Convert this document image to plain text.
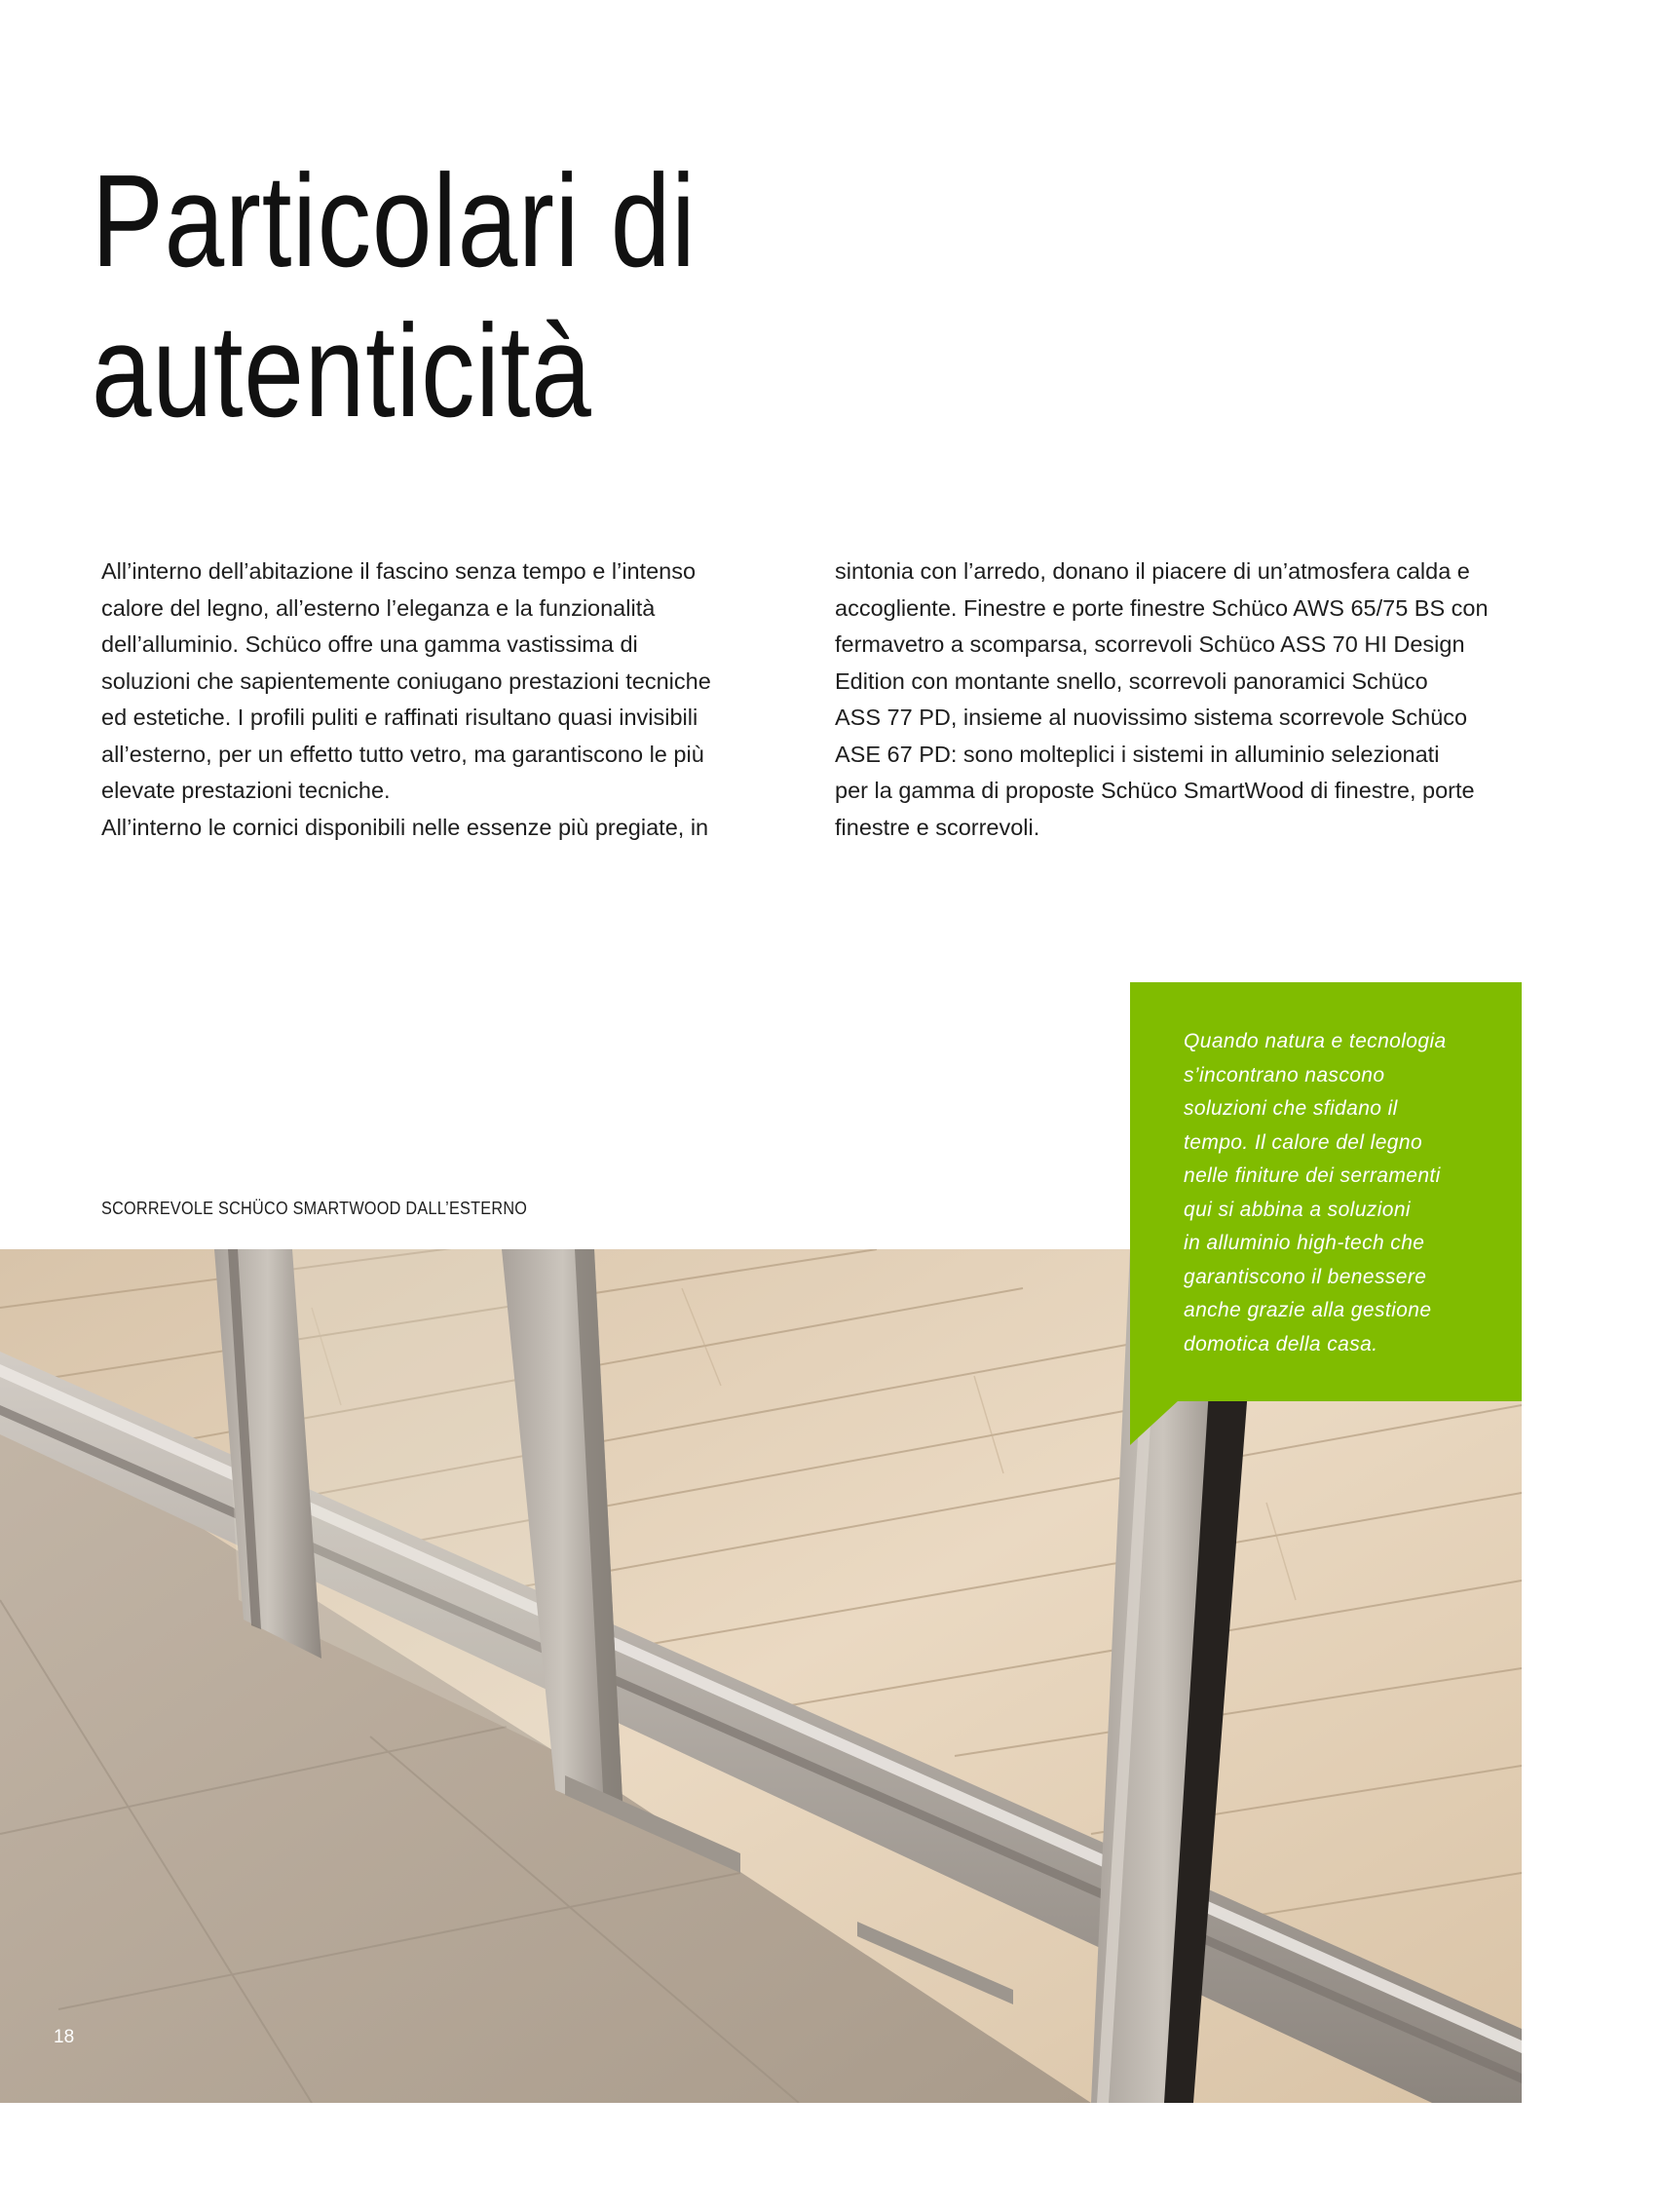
Particolari di
autenticità

All’interno dell’abitazione il fascino senza tempo e l’intenso

calore del legno, all’esterno l’eleganza e la funzionalità

dell’alluminio. Schüco offre una gamma vastissima di

soluzioni che sapientemente coniugano prestazioni tecniche

ed estetiche. I profili puliti e raffinati risultano quasi invisibili

all’esterno, per un effetto tutto vetro, ma garantiscono le più

elevate prestazioni tecniche.

All’interno le cornici disponibili nelle essenze più pregiate, in

sintonia con l’arredo, donano il piacere di un’atmosfera calda e

accogliente. Finestre e porte finestre Schüco AWS 65/75 BS con

fermavetro a scomparsa, scorrevoli Schüco ASS 70 HI Design

Edition con montante snello, scorrevoli panoramici Schüco

ASS 77 PD, insieme al nuovissimo sistema scorrevole Schüco

ASE 67 PD: sono molteplici i sistemi in alluminio selezionati

per la gamma di proposte Schüco SmartWood di finestre, porte

finestre e scorrevoli.

SCORREVOLE SCHÜCO SMARTWOOD DALL’ESTERNO

Quando natura e tecnologia
s’incontrano nascono
soluzioni che sfidano il
tempo. Il calore del legno
nelle finiture dei serramenti
qui si abbina a soluzioni
in alluminio high-tech che
garantiscono il benessere
anche grazie alla gestione
domotica della casa.

18
